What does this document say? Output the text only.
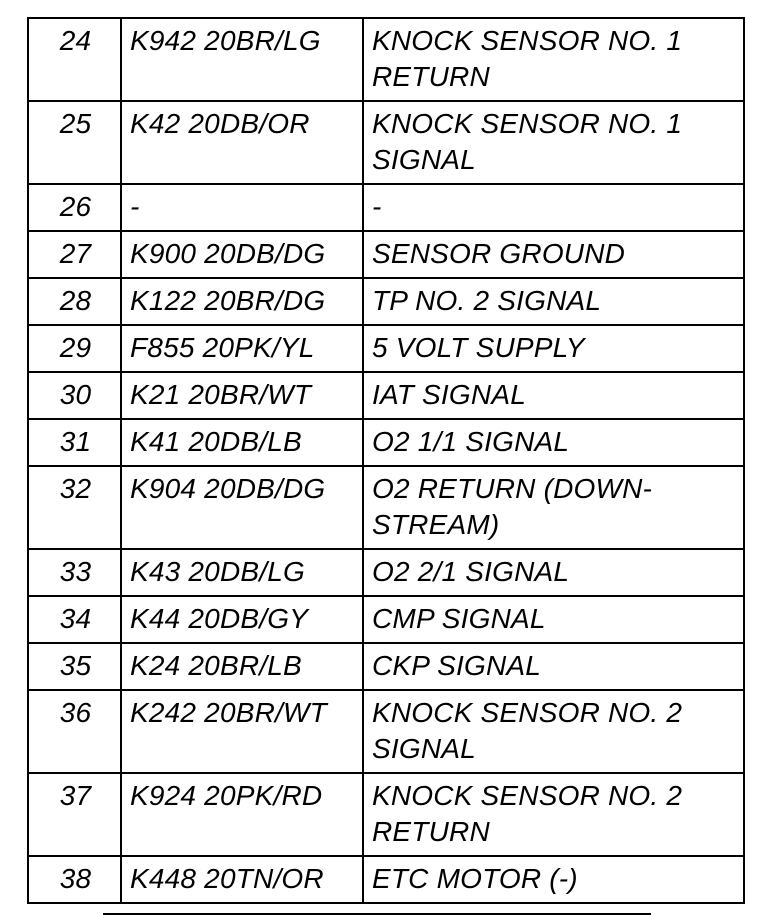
24	K942 20BR/LG	KNOCK SENSOR NO. 1 RETURN
25	K42 20DB/OR	KNOCK SENSOR NO. 1 SIGNAL
26	-	-
27	K900 20DB/DG	SENSOR GROUND
28	K122 20BR/DG	TP NO. 2 SIGNAL
29	F855 20PK/YL	5 VOLT SUPPLY
30	K21 20BR/WT	IAT SIGNAL
31	K41 20DB/LB	O2 1/1 SIGNAL
32	K904 20DB/DG	O2 RETURN (DOWN-STREAM)
33	K43 20DB/LG	O2 2/1 SIGNAL
34	K44 20DB/GY	CMP SIGNAL
35	K24 20BR/LB	CKP SIGNAL
36	K242 20BR/WT	KNOCK SENSOR NO. 2 SIGNAL
37	K924 20PK/RD	KNOCK SENSOR NO. 2 RETURN
38	K448 20TN/OR	ETC MOTOR (-)
